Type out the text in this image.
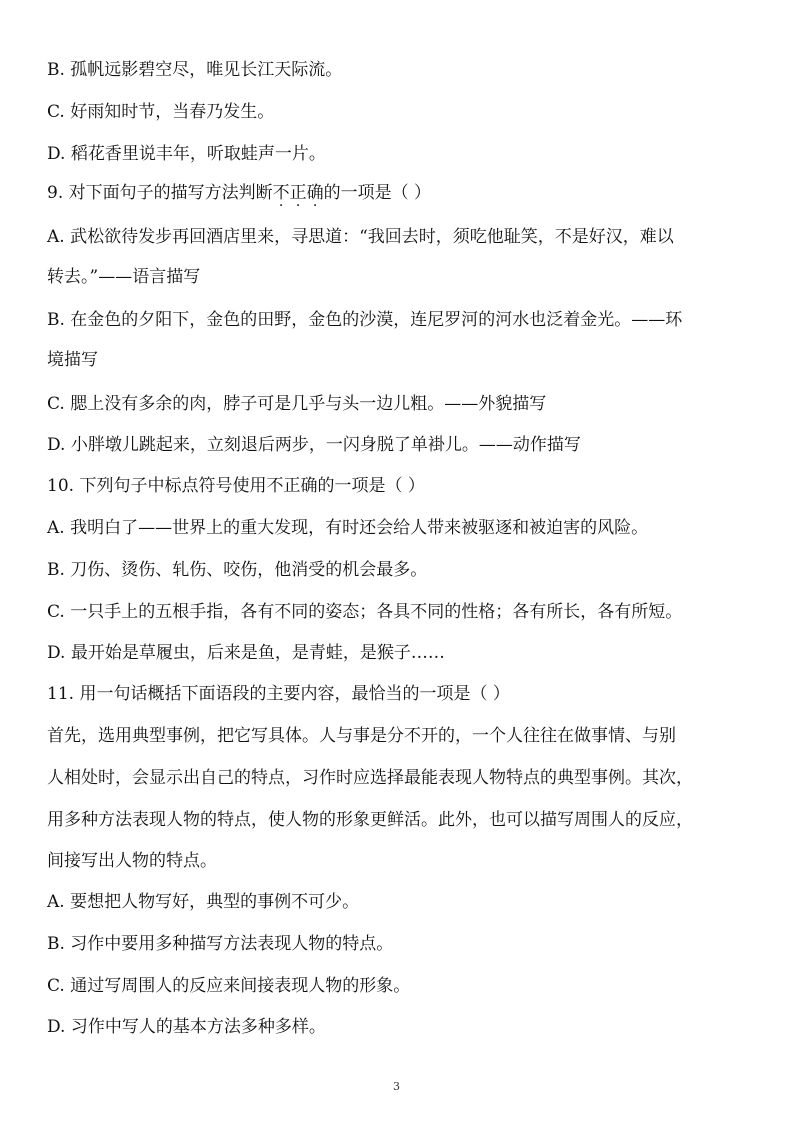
B. 孤帆远影碧空尽，唯见长江天际流。
C. 好雨知时节，当春乃发生。
D. 稻花香里说丰年，听取蛙声一片。
9. 对下面句子的描写方法判断不正确的一项是（ ）
A. 武松欲待发步再回酒店里来，寻思道：“我回去时，须吃他耻笑，不是好汉，难以
转去。”——语言描写
B. 在金色的夕阳下，金色的田野，金色的沙漠，连尼罗河的河水也泛着金光。——环
境描写
C. 腮上没有多余的肉，脖子可是几乎与头一边儿粗。——外貌描写
D. 小胖墩儿跳起来，立刻退后两步，一闪身脱了单褂儿。——动作描写
10. 下列句子中标点符号使用不正确的一项是（ ）
A. 我明白了——世界上的重大发现，有时还会给人带来被驱逐和被迫害的风险。
B. 刀伤、烫伤、轧伤、咬伤，他消受的机会最多。
C. 一只手上的五根手指，各有不同的姿态；各具不同的性格；各有所长，各有所短。
D. 最开始是草履虫，后来是鱼，是青蛙，是猴子……
11. 用一句话概括下面语段的主要内容，最恰当的一项是（ ）
首先，选用典型事例，把它写具体。人与事是分不开的，一个人往往在做事情、与别
人相处时，会显示出自己的特点，习作时应选择最能表现人物特点的典型事例。其次，
用多种方法表现人物的特点，使人物的形象更鲜活。此外，也可以描写周围人的反应，
间接写出人物的特点。
A. 要想把人物写好，典型的事例不可少。
B. 习作中要用多种描写方法表现人物的特点。
C. 通过写周围人的反应来间接表现人物的形象。
D. 习作中写人的基本方法多种多样。
3
